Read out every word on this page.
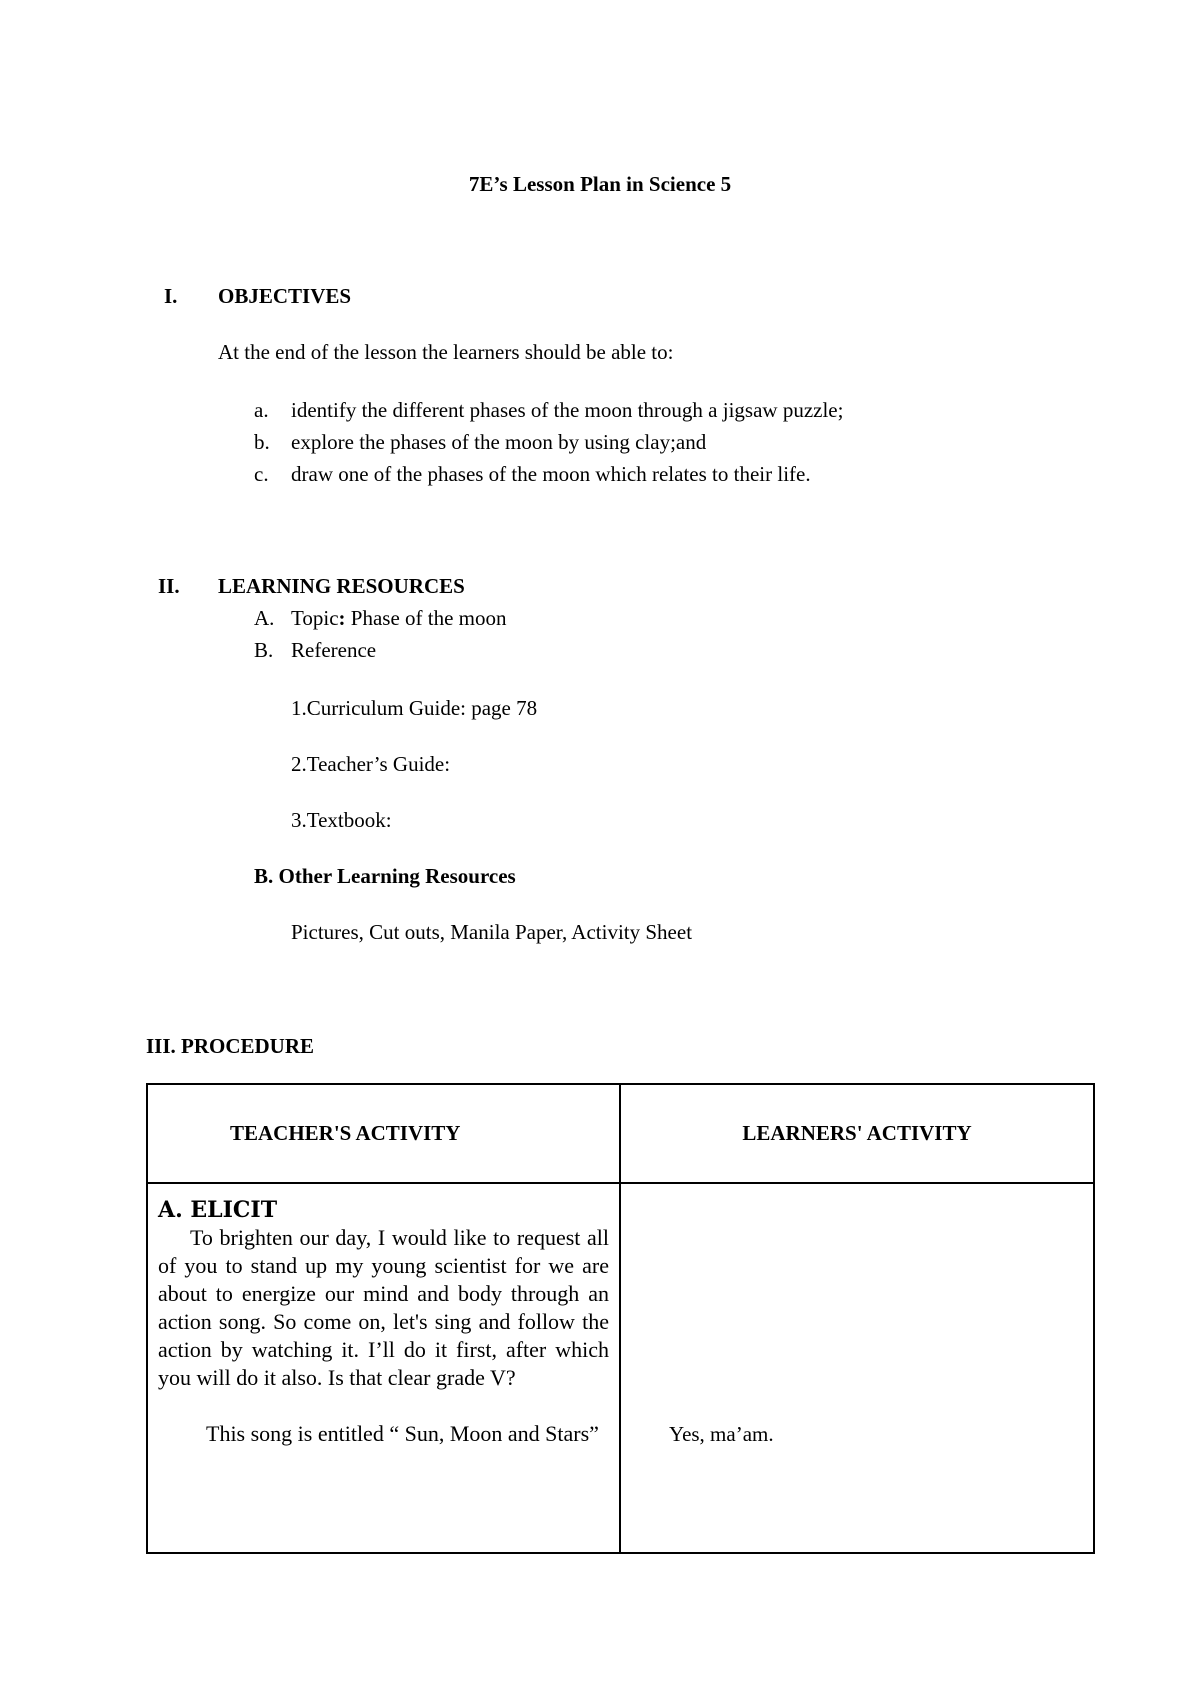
7E’s Lesson Plan in Science 5
I. OBJECTIVES
At the end of the lesson the learners should be able to:
a. identify the different phases of the moon through a jigsaw puzzle;
b. explore the phases of the moon by using clay;and
c. draw one of the phases of the moon which relates to their life.
II. LEARNING RESOURCES
A. Topic: Phase of the moon
B. Reference
1.Curriculum Guide: page 78
2.Teacher’s Guide:
3.Textbook:
B. Other Learning Resources
Pictures, Cut outs, Manila Paper, Activity Sheet
III. PROCEDURE
TEACHER'S ACTIVITY	LEARNERS' ACTIVITY

A. ELICIT

To brighten our day, I would like to request all of you to stand up my young scientist for we are about to energize our mind and body through an action song. So come on, let's sing and follow the action by watching it. I’ll do it first, after which you will do it also. Is that clear grade V?

This song is entitled “ Sun, Moon and Stars”	Yes, ma’am.
